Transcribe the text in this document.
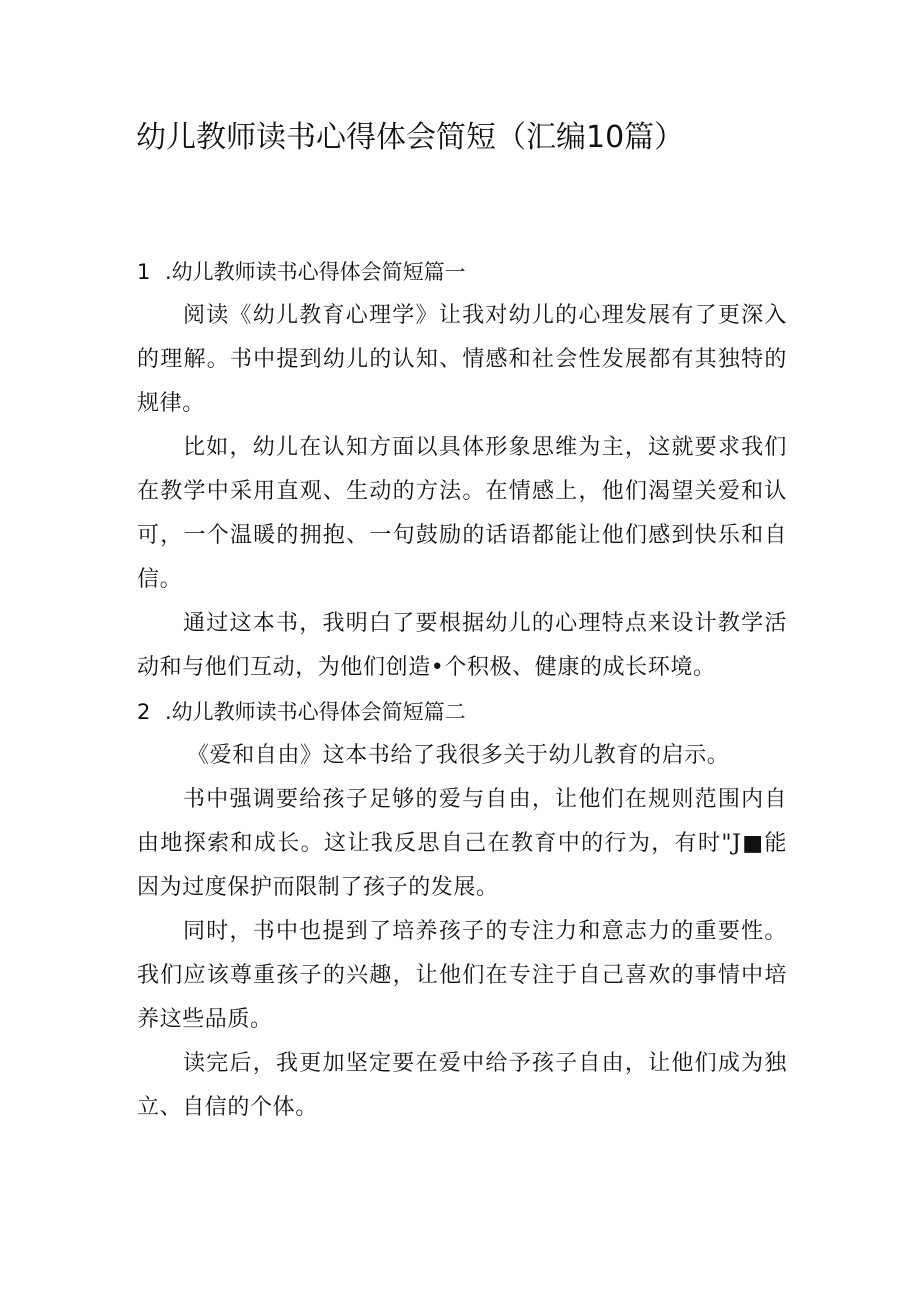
幼儿教师读书心得体会简短（汇编10篇）

1 .幼儿教师读书心得体会简短篇一

阅读《幼儿教育心理学》让我对幼儿的心理发展有了更深入的理解。书中提到幼儿的认知、情感和社会性发展都有其独特的规律。

比如，幼儿在认知方面以具体形象思维为主，这就要求我们在教学中采用直观、生动的方法。在情感上，他们渴望关爱和认可，一个温暖的拥抱、一句鼓励的话语都能让他们感到快乐和自信。

通过这本书，我明白了要根据幼儿的心理特点来设计教学活动和与他们互动，为他们创造•个积极、健康的成长环境。

2 .幼儿教师读书心得体会简短篇二

《爱和自由》这本书给了我很多关于幼儿教育的启示。

书中强调要给孩子足够的爱与自由，让他们在规则范围内自由地探索和成长。这让我反思自己在教育中的行为，有时"J■能因为过度保护而限制了孩子的发展。

同时，书中也提到了培养孩子的专注力和意志力的重要性。我们应该尊重孩子的兴趣，让他们在专注于自己喜欢的事情中培养这些品质。

读完后，我更加坚定要在爱中给予孩子自由，让他们成为独立、自信的个体。
